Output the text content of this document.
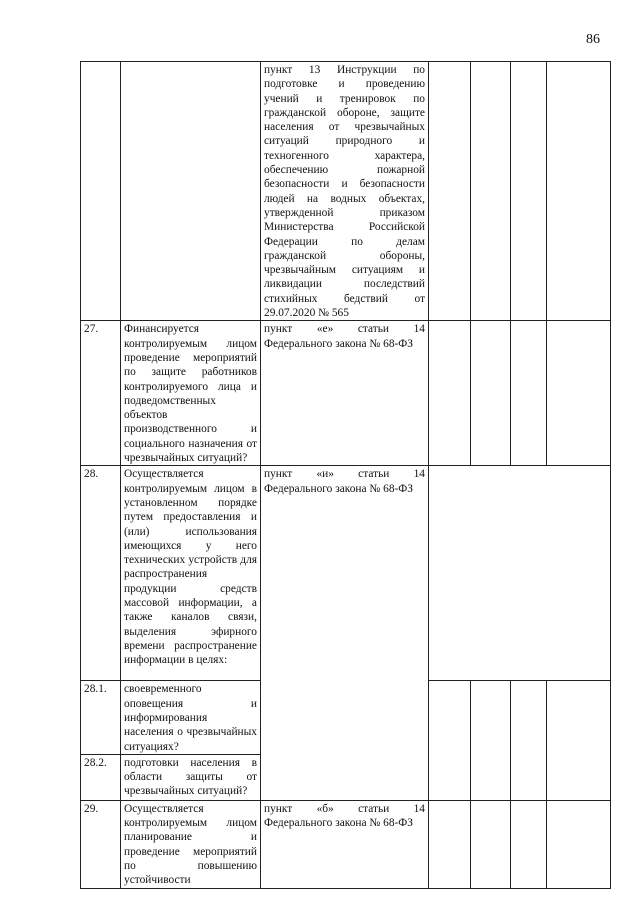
86
		пункт 13 Инструкции по подготовке и проведению учений и тренировок по гражданской обороне, защите населения от чрезвычайных ситуаций природного и техногенного характера, обеспечению пожарной безопасности и безопасности людей на водных объектах, утвержденной приказом Министерства Российской Федерации по делам гражданской обороны, чрезвычайным ситуациям и ликвидации последствий стихийных бедствий от 29.07.2020 № 565				
27.	Финансируется контролируемым лицом проведение мероприятий по защите работников контролируемого лица и подведомственных объектов производственного и социального назначения от чрезвычайных ситуаций?	пункт «е» статьи 14 Федерального закона № 68-ФЗ				
28.	Осуществляется контролируемым лицом в установленном порядке путем предоставления и (или) использования имеющихся у него технических устройств для распространения продукции средств массовой информации, а также каналов связи, выделения эфирного времени распространение информации в целях:	пункт «и» статьи 14 Федерального закона № 68-ФЗ				
28.1.	своевременного оповещения и информирования населения о чрезвычайных ситуациях?					
28.2.	подготовки населения в области защиты от чрезвычайных ситуаций?					
29.	Осуществляется контролируемым лицом планирование и проведение мероприятий по повышению устойчивости	пункт «б» статьи 14 Федерального закона № 68-ФЗ				
